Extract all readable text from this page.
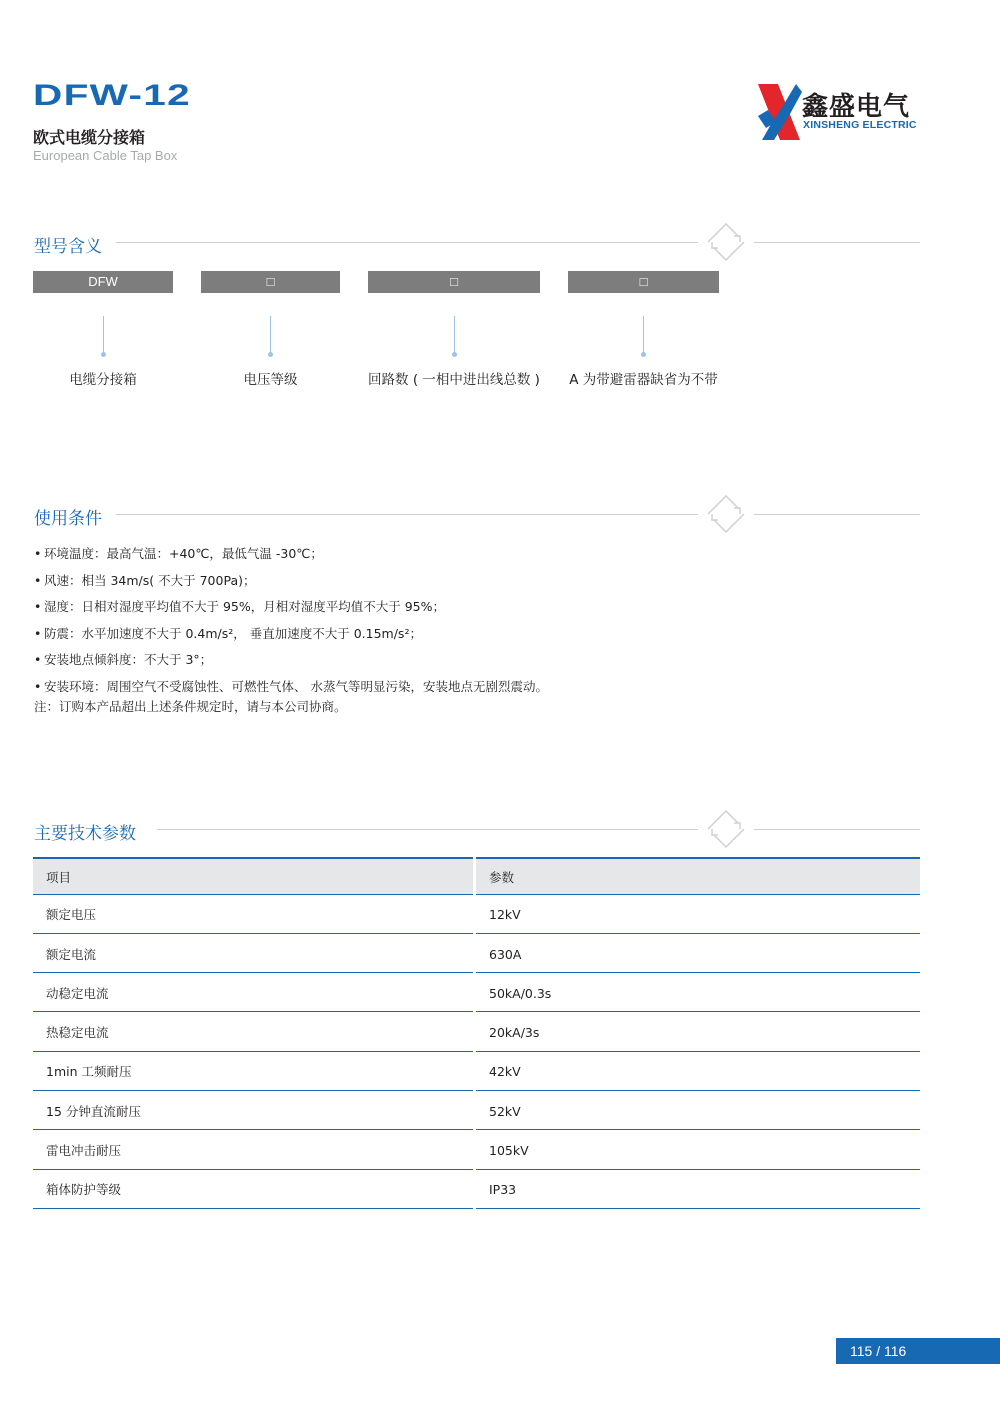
DFW-12
欧式电缆分接箱
European Cable Tap Box
鑫盛电气
XINSHENG ELECTRIC
型号含义
DFW	□	□	□
电缆分接箱	电压等级	回路数 ( 一相中进出线总数 )	A 为带避雷器缺省为不带
使用条件
• 环境温度：最高气温：+40℃，最低气温 -30℃；
• 风速：相当 34m/s( 不大于 700Pa)；
• 湿度：日相对湿度平均值不大于 95%，月相对湿度平均值不大于 95%；
• 防震：水平加速度不大于 0.4m/s²， 垂直加速度不大于 0.15m/s²；
• 安装地点倾斜度：不大于 3°；
• 安装环境：周围空气不受腐蚀性、可燃性气体、 水蒸气等明显污染，安装地点无剧烈震动。
注：订购本产品超出上述条件规定时，请与本公司协商。
主要技术参数
项目	参数
额定电压	12kV
额定电流	630A
动稳定电流	50kA/0.3s
热稳定电流	20kA/3s
1min 工频耐压	42kV
15 分钟直流耐压	52kV
雷电冲击耐压	105kV
箱体防护等级	IP33
115 / 116
